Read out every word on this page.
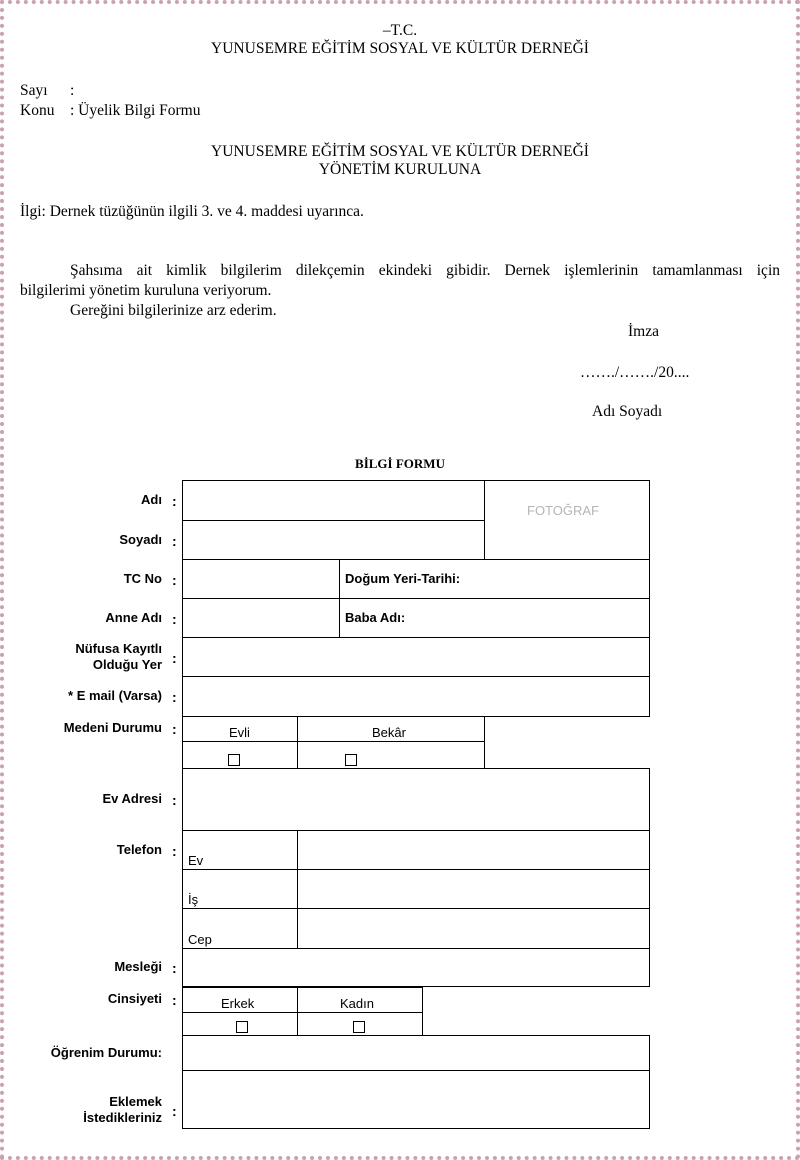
–T.C.
YUNUSEMRE EĞİTİM SOSYAL VE KÜLTÜR DERNEĞİ
Sayı :
Konu : Üyelik Bilgi Formu
YUNUSEMRE EĞİTİM SOSYAL VE KÜLTÜR DERNEĞİ
YÖNETİM KURULUNA
İlgi: Dernek tüzüğünün ilgili 3. ve 4. maddesi uyarınca.
Şahsıma ait kimlik bilgilerim dilekçemin ekindeki gibidir. Dernek işlemlerinin tamamlanması için
bilgilerimi yönetim kuruluna veriyorum.
Gereğini bilgilerinize arz ederim.
İmza
……./……./20....
Adı Soyadı
BİLGİ FORMU
Adı :
Soyadı :
TC No :
Anne Adı :
Nüfusa Kayıtlı
Olduğu Yer :
* E mail (Varsa) :
Medeni Durumu :
Ev Adresi :
Telefon :
Mesleği :
Cinsiyeti :
Öğrenim Durumu:
Eklemek
İstedikleriniz :
FOTOĞRAF
Doğum Yeri-Tarihi:
Baba Adı:
Evli	Bekâr
Ev
İş
Cep
Erkek	Kadın
